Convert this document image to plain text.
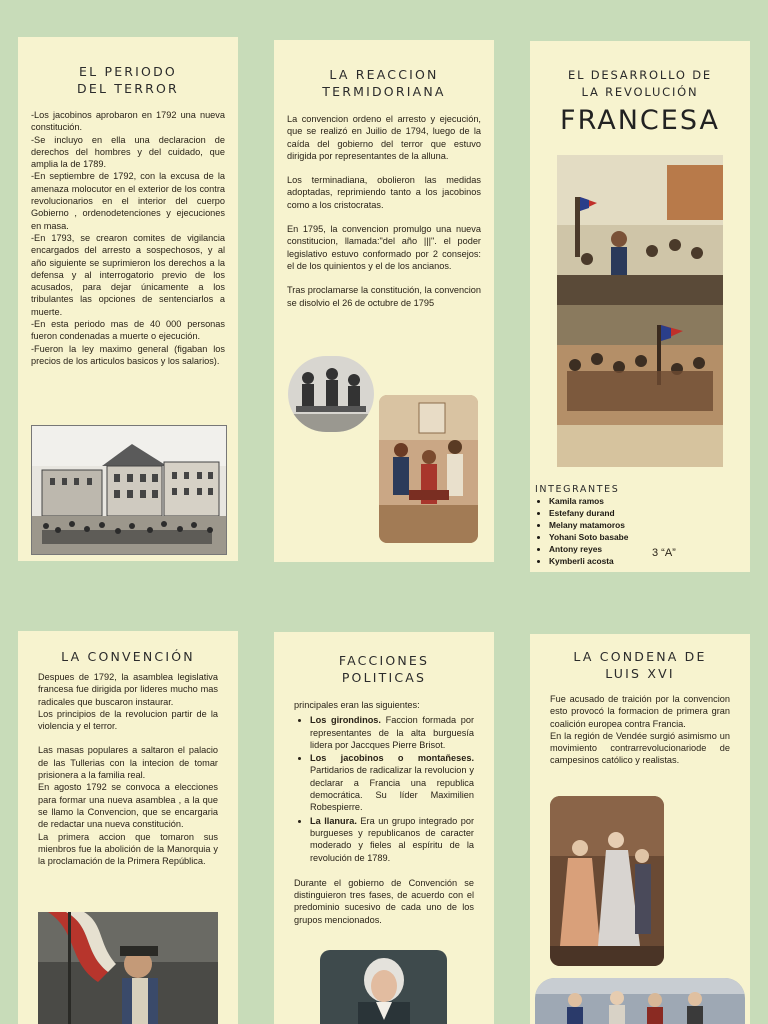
EL PERIODO DEL TERROR

-Los jacobinos aprobaron en 1792 una nueva constitución.

-Se incluyo en ella una declaracion de derechos del hombres y del cuidado, que amplia la de 1789.

-En septiembre de 1792, con la excusa de la amenaza molocutor en el exterior de los contra revolucionarios en el interior del cuerpo Gobierno , ordenodetenciones y ejecuciones en masa.

-En 1793, se crearon comites de vigilancia encargados del arresto a sospechosos, y al año siguiente se suprimieron los derechos a la defensa y al interrogatorio previo de los acusados, para dejar únicamente a los tribulantes las opciones de sentenciarlos a muerte.

-En esta periodo mas de 40 000 personas fueron condenadas a muerte o ejecución.

-Fueron la ley maximo general (figaban los precios de los articulos basicos y los salarios).

LA REACCION TERMIDORIANA

La convencion ordeno el arresto y ejecución, que se realizó en Juilio de 1794, luego de la caída del gobierno del terror que estuvo dirigida por representantes de la alluna.

Los terminadiana, obolieron las medidas adoptadas, reprimiendo tanto a los jacobinos como a los cristocratas.

En 1795, la convencion promulgo una nueva constitucion, llamada:"del año |||". el poder legislativo estuvo conformado por 2 consejos: el de los quinientos y el de los ancianos.

Tras proclamarse la constitución, la convencion se disolvio el 26 de octubre de 1795

EL DESARROLLO DE LA REVOLUCIÓN
FRANCESA
INTEGRANTES
• Kamila ramos
• Estefany durand
• Melany matamoros
• Yohani Soto basabe
• Antony reyes
• Kymberli acosta
3 “A”
LA CONVENCIÓN

Despues de 1792, la asamblea legislativa francesa fue dirigida por lideres mucho mas radicales que buscaron instaurar.

Los principios de la revolucion partir de la violencia y el terror.

Las masas populares a saltaron el palacio de las Tullerias con la intecion de tomar prisionera a la familia real.

En agosto 1792 se convoca a elecciones para formar una nueva asamblea , a la que se llamo la Convencion, que se encargaria de redactar una nueva constitución.

La primera accion que tomaron sus mienbros fue la abolición de la Manorquia y la proclamación de la Primera República.

FACCIONES POLITICAS

principales eran las siguientes:

• Los girondinos. Faccion formada por representantes de la alta burguesía lidera por Jaccques Pierre Brisot.
• Los jacobinos o montañeses. Partidarios de radicalizar la revolucion y declarar a Francia una republica democrática. Su líder Maximilien Robespierre.
• La llanura. Era un grupo integrado por burgueses y republicanos de caracter moderado y fieles al espíritu de la revolución de 1789.

Durante el gobierno de Convención se distinguieron tres fases, de acuerdo con el predominio sucesivo de cada uno de los grupos mencionados.

LA CONDENA DE LUIS XVI

Fue acusado de traición por la convencion esto provocó la formacion de primera gran coalición europea contra Francia.

En la región de Vendée surgió asimismo un movimiento contrarrevolucionariode de campesinos católico y realistas.
